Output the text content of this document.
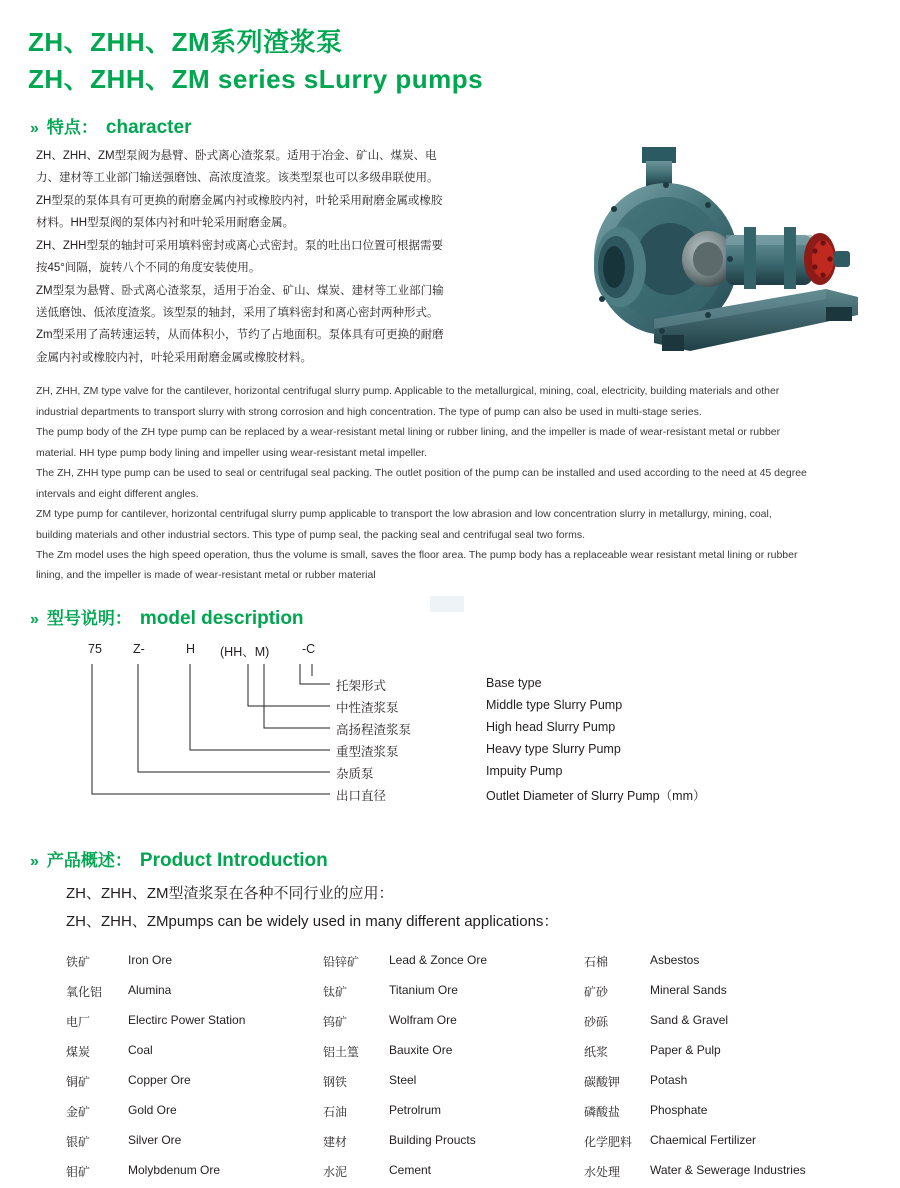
ZH、ZHH、ZM系列渣浆泵
ZH、ZHH、ZM series sLurry pumps
» 特点： character

ZH、ZHH、ZM型泵阀为悬臂、卧式离心渣浆泵。适用于冶金、矿山、煤炭、电

力、建材等工业部门输送强磨蚀、高浓度渣浆。该类型泵也可以多级串联使用。

ZH型泵的泵体具有可更换的耐磨金属内衬或橡胶内衬，叶轮采用耐磨金属或橡胶

材料。HH型泵阀的泵体内衬和叶轮采用耐磨金属。

ZH、ZHH型泵的轴封可采用填料密封或离心式密封。泵的吐出口位置可根据需要

按45°间隔，旋转八个不同的角度安装使用。

ZM型泵为悬臂、卧式离心渣浆泵，适用于冶金、矿山、煤炭、建材等工业部门输

送低磨蚀、低浓度渣浆。该型泵的轴封，采用了填料密封和离心密封两种形式。

Zm型采用了高转速运转，从而体积小，节约了占地面积。泵体具有可更换的耐磨

金属内衬或橡胶内衬，叶轮采用耐磨金属或橡胶材料。

ZH, ZHH, ZM type valve for the cantilever, horizontal centrifugal slurry pump. Applicable to the metallurgical, mining, coal, electricity, building materials and other

industrial departments to transport slurry with strong corrosion and high concentration. The type of pump can also be used in multi-stage series.

The pump body of the ZH type pump can be replaced by a wear-resistant metal lining or rubber lining, and the impeller is made of wear-resistant metal or rubber

material. HH type pump body lining and impeller using wear-resistant metal impeller.

The ZH, ZHH type pump can be used to seal or centrifugal seal packing. The outlet position of the pump can be installed and used according to the need at 45 degree

intervals and eight different angles.

ZM type pump for cantilever, horizontal centrifugal slurry pump applicable to transport the low abrasion and low concentration slurry in metallurgy, mining, coal,

building materials and other industrial sectors. This type of pump seal, the packing seal and centrifugal seal two forms.

The Zm model uses the high speed operation, thus the volume is small, saves the floor area. The pump body has a replaceable wear resistant metal lining or rubber

lining, and the impeller is made of wear-resistant metal or rubber material

» 型号说明： model description
75 Z-	H (HH、M)	-C
托架形式	Base type
中性渣浆泵	Middle type Slurry Pump
高扬程渣浆泵	High head Slurry Pump
重型渣浆泵	Heavy type Slurry Pump
杂质泵	Impuity Pump
出口直径	Outlet Diameter of Slurry Pump（mm）
» 产品概述： Product Introduction
ZH、ZHH、ZM型渣浆泵在各种不同行业的应用：
ZH、ZHH、ZMpumps can be widely used in many different applications：
铁矿	Iron Ore	铅锌矿	Lead & Zonce Ore	石棉	Asbestos
氧化铝	Alumina	钛矿	Titanium Ore	矿砂	Mineral Sands
电厂	Electirc Power Station	钨矿	Wolfram Ore	砂砾	Sand & Gravel
煤炭	Coal	铝土篁	Bauxite Ore	纸浆	Paper & Pulp
铜矿	Copper Ore	钢铁	Steel	碳酸钾	Potash
金矿	Gold Ore	石油	Petrolrum	磷酸盐	Phosphate
银矿	Silver Ore	建材	Building Proucts	化学肥料	Chaemical Fertilizer
钼矿	Molybdenum Ore	水泥	Cement	水处理	Water & Sewerage Industries
